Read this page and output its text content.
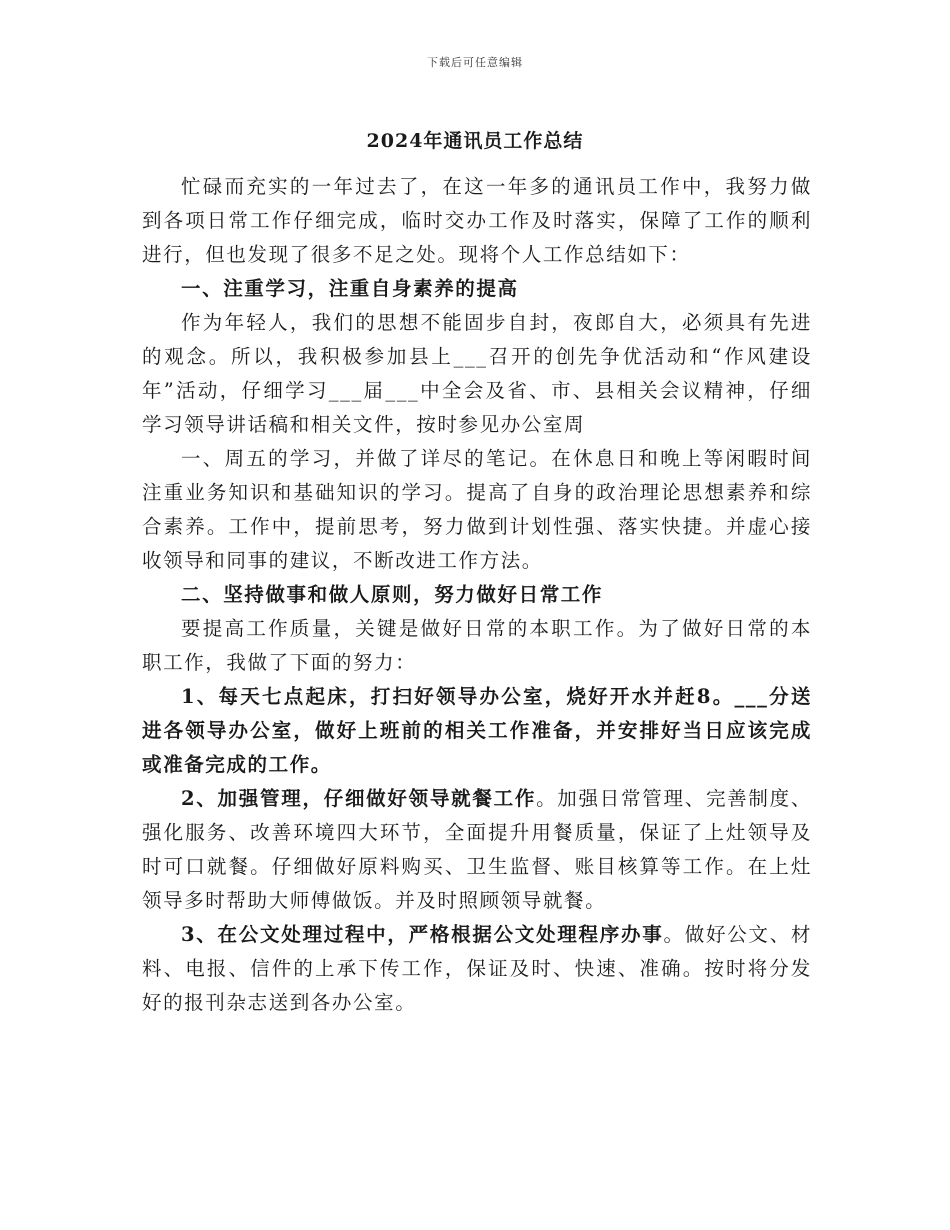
下载后可任意编辑
2024年通讯员工作总结

忙碌而充实的一年过去了，在这一年多的通讯员工作中，我努力做到各项日常工作仔细完成，临时交办工作及时落实，保障了工作的顺利进行，但也发现了很多不足之处。现将个人工作总结如下：

一、注重学习，注重自身素养的提高

作为年轻人，我们的思想不能固步自封，夜郎自大，必须具有先进的观念。所以，我积极参加县上___召开的创先争优活动和“作风建设年”活动，仔细学习___届___中全会及省、市、县相关会议精神，仔细学习领导讲话稿和相关文件，按时参见办公室周

一、周五的学习，并做了详尽的笔记。在休息日和晚上等闲暇时间注重业务知识和基础知识的学习。提高了自身的政治理论思想素养和综合素养。工作中，提前思考，努力做到计划性强、落实快捷。并虚心接收领导和同事的建议，不断改进工作方法。

二、坚持做事和做人原则，努力做好日常工作

要提高工作质量，关键是做好日常的本职工作。为了做好日常的本职工作，我做了下面的努力：

1、每天七点起床，打扫好领导办公室，烧好开水并赶8。___分送进各领导办公室，做好上班前的相关工作准备，并安排好当日应该完成或准备完成的工作。

2、加强管理，仔细做好领导就餐工作。加强日常管理、完善制度、强化服务、改善环境四大环节，全面提升用餐质量，保证了上灶领导及时可口就餐。仔细做好原料购买、卫生监督、账目核算等工作。在上灶领导多时帮助大师傅做饭。并及时照顾领导就餐。

3、在公文处理过程中，严格根据公文处理程序办事。做好公文、材料、电报、信件的上承下传工作，保证及时、快速、准确。按时将分发好的报刊杂志送到各办公室。
